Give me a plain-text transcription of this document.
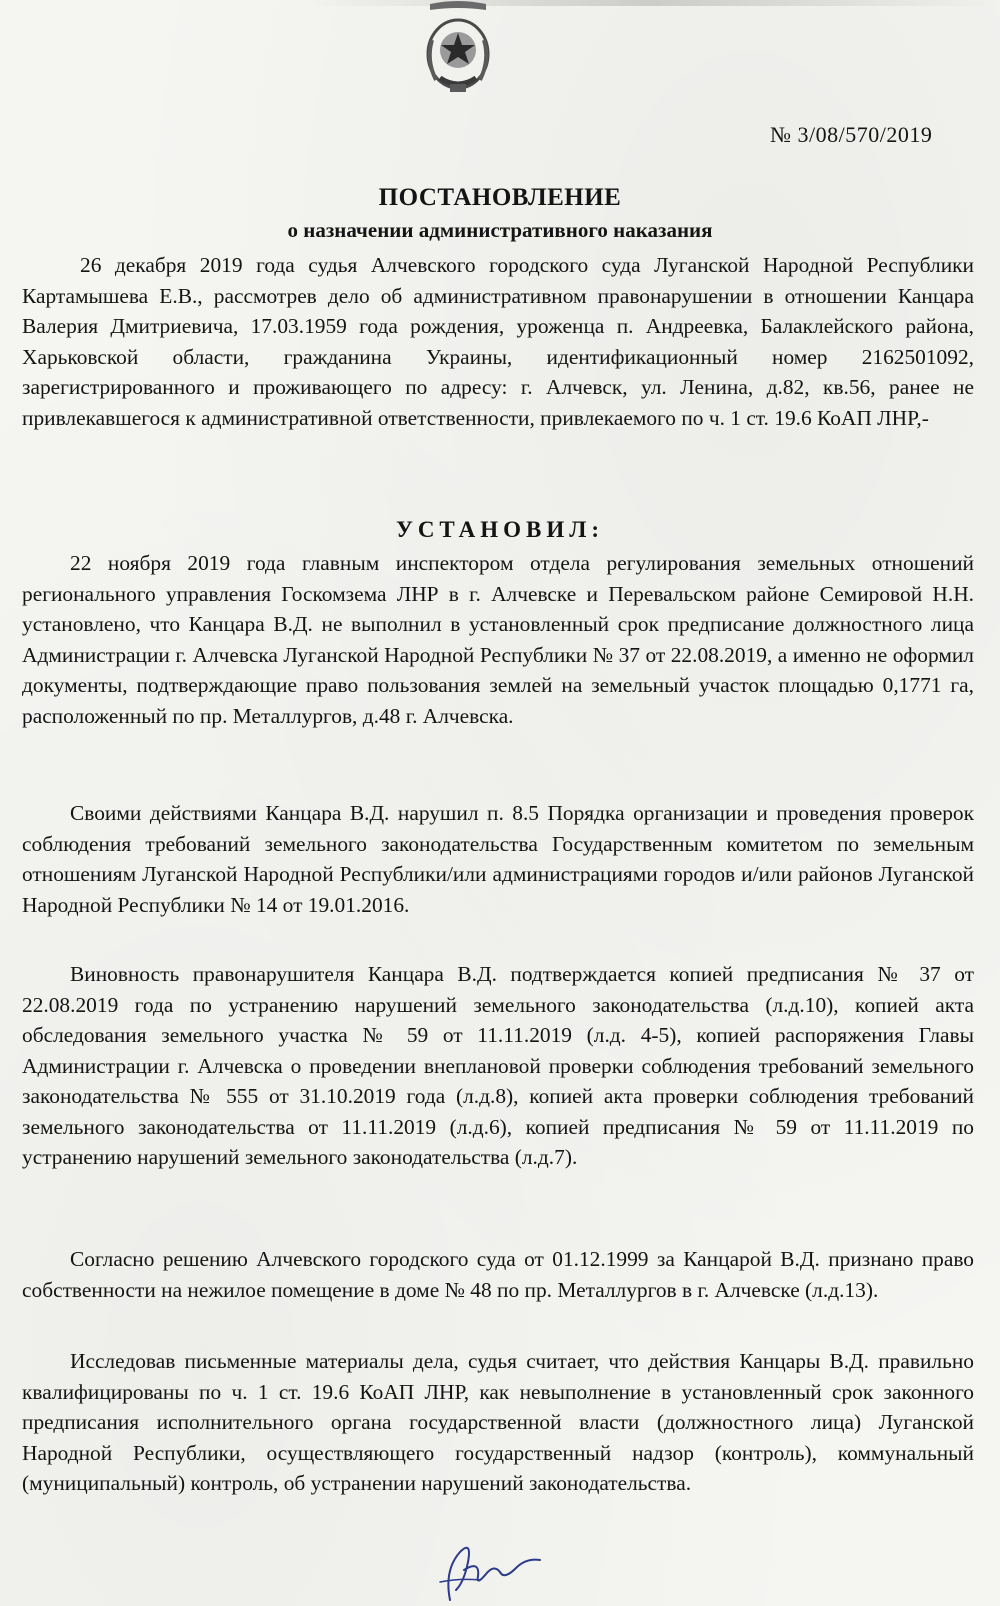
№ 3/08/570/2019
ПОСТАНОВЛЕНИЕ
о назначении административного наказания

26 декабря 2019 года судья Алчевского городского суда Луганской Народной Республики Картамышева Е.В., рассмотрев дело об административном правонарушении в отношении Канцара Валерия Дмитриевича, 17.03.1959 года рождения, уроженца п. Андреевка, Балаклейского района, Харьковской области, гражданина Украины, идентификационный номер 2162501092, зарегистрированного и проживающего по адресу: г. Алчевск, ул. Ленина, д.82, кв.56, ранее не привлекавшегося к административной ответственности, привлекаемого по ч. 1 ст. 19.6 КоАП ЛНР,-

УСТАНОВИЛ:

22 ноября 2019 года главным инспектором отдела регулирования земельных отношений регионального управления Госкомзема ЛНР в г. Алчевске и Перевальском районе Семировой Н.Н. установлено, что Канцара В.Д. не выполнил в установленный срок предписание должностного лица Администрации г. Алчевска Луганской Народной Республики № 37 от 22.08.2019, а именно не оформил документы, подтверждающие право пользования землей на земельный участок площадью 0,1771 га, расположенный по пр. Металлургов, д.48 г. Алчевска.

Своими действиями Канцара В.Д. нарушил п. 8.5 Порядка организации и проведения проверок соблюдения требований земельного законодательства Государственным комитетом по земельным отношениям Луганской Народной Республики/или администрациями городов и/или районов Луганской Народной Республики № 14 от 19.01.2016.

Виновность правонарушителя Канцара В.Д. подтверждается копией предписания № 37 от 22.08.2019 года по устранению нарушений земельного законодательства (л.д.10), копией акта обследования земельного участка № 59 от 11.11.2019 (л.д. 4-5), копией распоряжения Главы Администрации г. Алчевска о проведении внеплановой проверки соблюдения требований земельного законодательства № 555 от 31.10.2019 года (л.д.8), копией акта проверки соблюдения требований земельного законодательства от 11.11.2019 (л.д.6), копией предписания № 59 от 11.11.2019 по устранению нарушений земельного законодательства (л.д.7).

Согласно решению Алчевского городского суда от 01.12.1999 за Канцарой В.Д. признано право собственности на нежилое помещение в доме № 48 по пр. Металлургов в г. Алчевске (л.д.13).

Исследовав письменные материалы дела, судья считает, что действия Канцары В.Д. правильно квалифицированы по ч. 1 ст. 19.6 КоАП ЛНР, как невыполнение в установленный срок законного предписания исполнительного органа государственной власти (должностного лица) Луганской Народной Республики, осуществляющего государственный надзор (контроль), коммунальный (муниципальный) контроль, об устранении нарушений законодательства.
